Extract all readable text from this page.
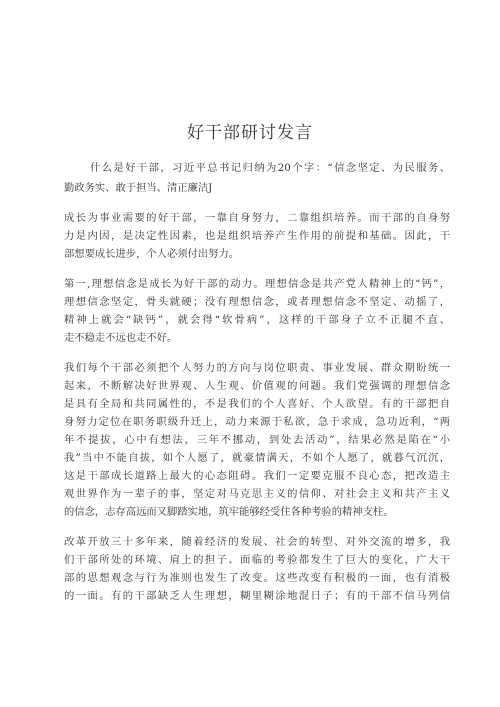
好干部研讨发言
什么是好干部，习近平总书记归纳为20个字：“信念坚定、为民服务、
勤政务实、敢于担当、清正廉洁J
成长为事业需要的好干部，一靠自身努力，二靠组织培养。而干部的自身努
力是内因，是决定性因素，也是组织培养产生作用的前提和基础。因此，干
部想要成长进步，个人必须付出努力。
第一,理想信念是成长为好干部的动力。理想信念是共产党人精神上的“钙”，
理想信念坚定，骨头就硬；没有理想信念，或者理想信念不坚定、动摇了，
精神上就会“缺钙”，就会得“软骨病”，这样的干部身子立不正腿不直、
走不稳走不远也走不好。
我们每个干部必须把个人努力的方向与岗位职责、事业发展、群众期盼统一
起来，不断解决好世界观、人生观、价值观的问题。我们党强调的理想信念
是具有全局和共同属性的，不是我们的个人喜好、个人欲望。有的干部把自
身努力定位在职务职级升迁上，动力来源于私欲，急于求成，急功近利，“两
年不提拔，心中有想法，三年不挪动，到处去活动”，结果必然是陷在“小
我”当中不能自拔，如个人愿了，就豪情满天，不如个人愿了，就暮气沉沉，
这是干部成长道路上最大的心态阻碍。我们一定要克服不良心态，把改造主
观世界作为一辈子的事，坚定对马克思主义的信仰、对社会主义和共产主义
的信念，志存高远而又脚踏实地，筑牢能够经受住各种考验的精神支柱。
改革开放三十多年来，随着经济的发展、社会的转型、对外交流的增多，我
们干部所处的环境、肩上的担子、面临的考验都发生了巨大的变化，广大干
部的思想观念与行为准则也发生了改变。这些改变有积极的一面，也有消极
的一面。有的干部缺乏人生理想，糊里糊涂地混日子；有的干部不信马列信
